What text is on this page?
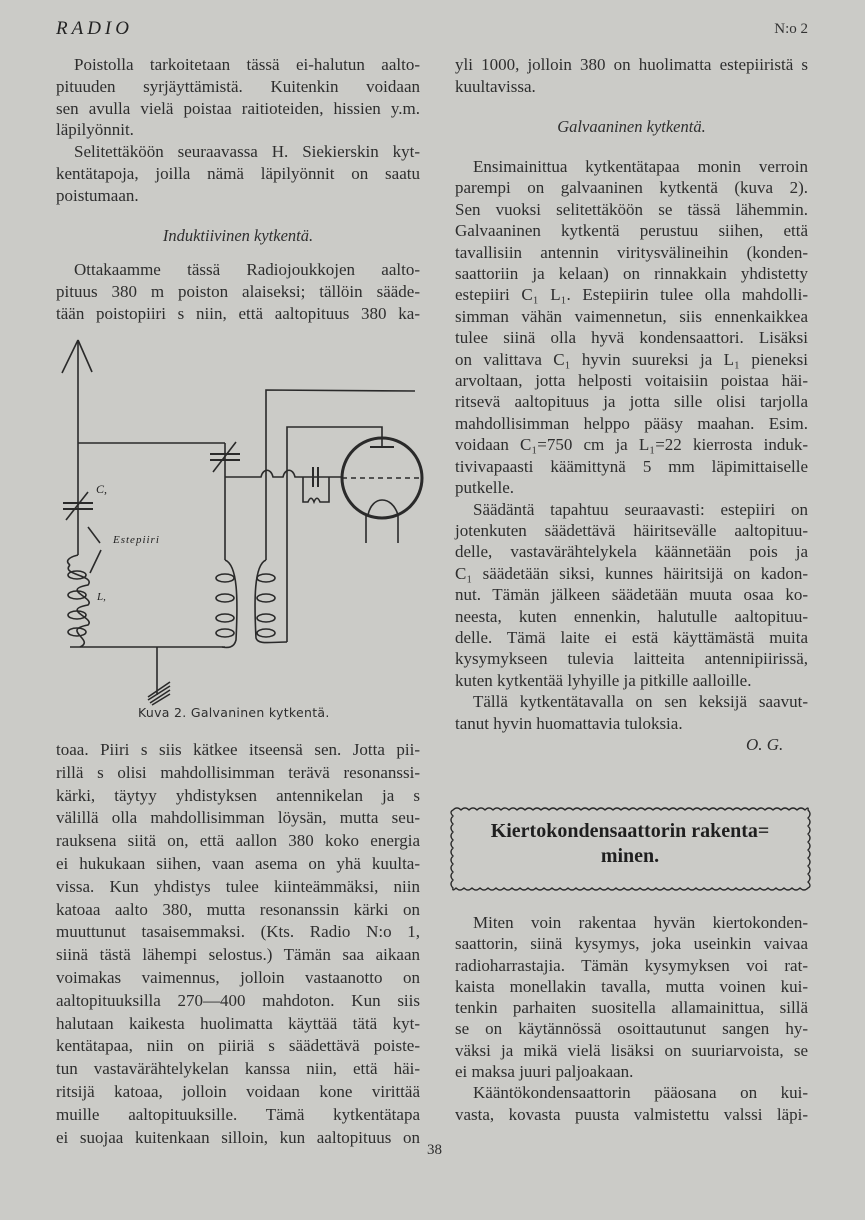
RADIO	N:o 2
Poistolla tarkoitetaan tässä ei-halutun aalto-
pituuden syrjäyttämistä. Kuitenkin voidaan
sen avulla vielä poistaa raitioteiden, hissien y.m.
läpilyönnit.
Selitettäköön seuraavassa H. Siekierskin kyt-
kentätapoja, joilla nämä läpilyönnit on saatu
poistumaan.
Induktiivinen kytkentä.
Ottakaamme tässä Radiojoukkojen aalto-
pituus 380 m poiston alaiseksi; tällöin sääde-
tään poistopiiri s niin, että aaltopituus 380 ka-
C,
Estepiiri
L,
Kuva 2. Galvaninen kytkentä.
toaa. Piiri s siis kätkee itseensä sen. Jotta pii-
rillä s olisi mahdollisimman terävä resonanssi-
kärki, täytyy yhdistyksen antennikelan ja s
välillä olla mahdollisimman löysän, mutta seu-
rauksena siitä on, että aallon 380 koko energia
ei hukukaan siihen, vaan asema on yhä kuulta-
vissa. Kun yhdistys tulee kiinteämmäksi, niin
katoaa aalto 380, mutta resonanssin kärki on
muuttunut tasaisemmaksi. (Kts. Radio N:o 1,
siinä tästä lähempi selostus.) Tämän saa aikaan
voimakas vaimennus, jolloin vastaanotto on
aaltopituuksilla 270—400 mahdoton. Kun siis
halutaan kaikesta huolimatta käyttää tätä kyt-
kentätapaa, niin on piiriä s säädettävä poiste-
tun vastavärähtelykelan kanssa niin, että häi-
ritsijä katoaa, jolloin voidaan kone virittää
muille aaltopituuksille. Tämä kytkentätapa
ei suojaa kuitenkaan silloin, kun aaltopituus on
yli 1000, jolloin 380 on huolimatta estepiiristä s
kuultavissa.
Galvaaninen kytkentä.
Ensimainittua kytkentätapaa monin verroin
parempi on galvaaninen kytkentä (kuva 2).
Sen vuoksi selitettäköön se tässä lähemmin.
Galvaaninen kytkentä perustuu siihen, että
tavallisiin antennin viritysvälineihin (konden-
saattoriin ja kelaan) on rinnakkain yhdistetty
estepiiri C₁ L₁. Estepiirin tulee olla mahdolli-
simman vähän vaimennetun, siis ennenkaikkea
tulee siinä olla hyvä kondensaattori. Lisäksi
on valittava C₁ hyvin suureksi ja L₁ pieneksi
arvoltaan, jotta helposti voitaisiin poistaa häi-
ritsevä aaltopituus ja jotta sille olisi tarjolla
mahdollisimman helppo pääsy maahan. Esim.
voidaan C₁=750 cm ja L₁=22 kierrosta induk-
tivivapaasti käämittynä 5 mm läpimittaiselle
putkelle.
Säädäntä tapahtuu seuraavasti: estepiiri on
jotenkuten säädettävä häiritsevälle aaltopituu-
delle, vastavärähtelykela käännetään pois ja
C₁ säädetään siksi, kunnes häiritsijä on kadon-
nut. Tämän jälkeen säädetään muuta osaa ko-
neesta, kuten ennenkin, halutulle aaltopituu-
delle. Tämä laite ei estä käyttämästä muita
kysymykseen tulevia laitteita antennipiirissä,
kuten kytkentää lyhyille ja pitkille aalloille.
Tällä kytkentätavalla on sen keksijä saavut-
tanut hyvin huomattavia tuloksia.
O. G.
Kiertokondensaattorin rakenta=
minen.
Miten voin rakentaa hyvän kiertokonden-
saattorin, siinä kysymys, joka useinkin vaivaa
radioharrastajia. Tämän kysymyksen voi rat-
kaista monellakin tavalla, mutta voinen kui-
tenkin parhaiten suositella allamainittua, sillä
se on käytännössä osoittautunut sangen hy-
väksi ja mikä vielä lisäksi on suuriarvoista, se
ei maksa juuri paljoakaan.
Kääntökondensaattorin pääosana on kui-
vasta, kovasta puusta valmistettu valssi läpi-
38
